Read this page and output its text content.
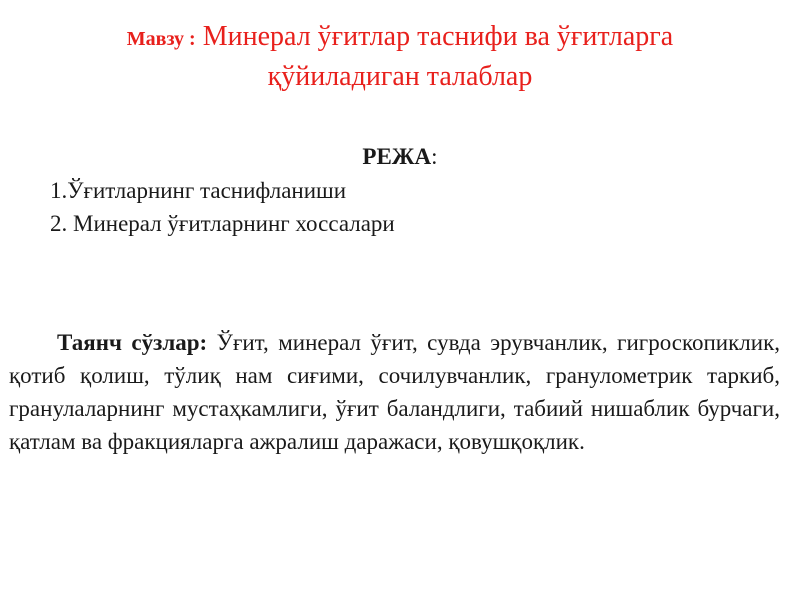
Мавзу : Минерал ўғитлар таснифи ва ўғитларга қўйиладиган талаблар
РЕЖА:
1.Ўғитларнинг таснифланиши
2. Минерал ўғитларнинг хоссалари
Таянч сўзлар: Ўғит, минерал ўғит, сувда эрувчанлик, гигроскопиклик, қотиб қолиш, тўлиқ нам сиғими, сочилувчанлик, гранулометрик таркиб, гранулаларнинг мустаҳкамлиги, ўғит баландлиги, табиий нишаблик бурчаги, қатлам ва фракцияларга ажралиш даражаси, қовушқоқлик.
